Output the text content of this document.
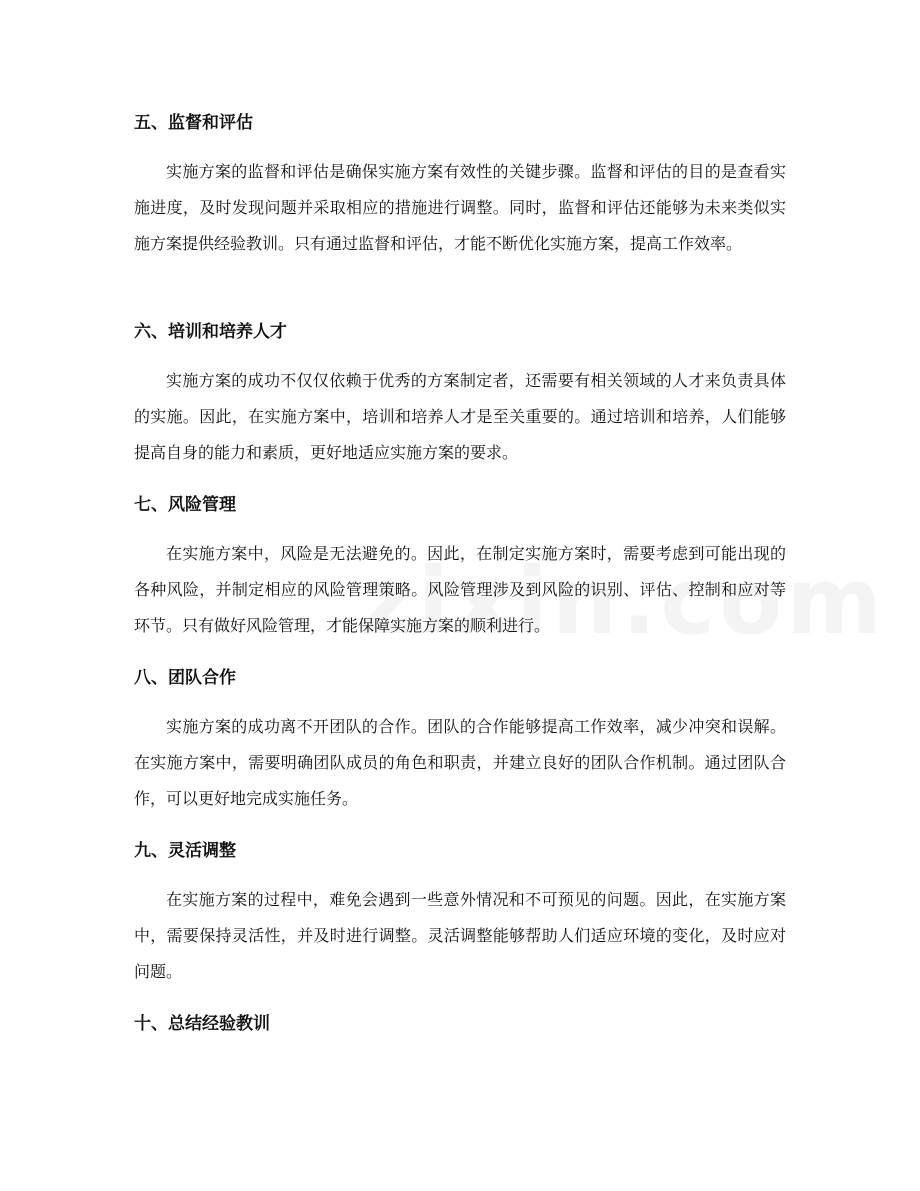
五、监督和评估

实施方案的监督和评估是确保实施方案有效性的关键步骤。监督和评估的目的是查看实施进度，及时发现问题并采取相应的措施进行调整。同时，监督和评估还能够为未来类似实施方案提供经验教训。只有通过监督和评估，才能不断优化实施方案，提高工作效率。

六、培训和培养人才

实施方案的成功不仅仅依赖于优秀的方案制定者，还需要有相关领域的人才来负责具体的实施。因此，在实施方案中，培训和培养人才是至关重要的。通过培训和培养，人们能够提高自身的能力和素质，更好地适应实施方案的要求。

七、风险管理

在实施方案中，风险是无法避免的。因此，在制定实施方案时，需要考虑到可能出现的各种风险，并制定相应的风险管理策略。风险管理涉及到风险的识别、评估、控制和应对等环节。只有做好风险管理，才能保障实施方案的顺利进行。

八、团队合作

实施方案的成功离不开团队的合作。团队的合作能够提高工作效率，减少冲突和误解。在实施方案中，需要明确团队成员的角色和职责，并建立良好的团队合作机制。通过团队合作，可以更好地完成实施任务。

九、灵活调整

在实施方案的过程中，难免会遇到一些意外情况和不可预见的问题。因此，在实施方案中，需要保持灵活性，并及时进行调整。灵活调整能够帮助人们适应环境的变化，及时应对问题。

十、总结经验教训
